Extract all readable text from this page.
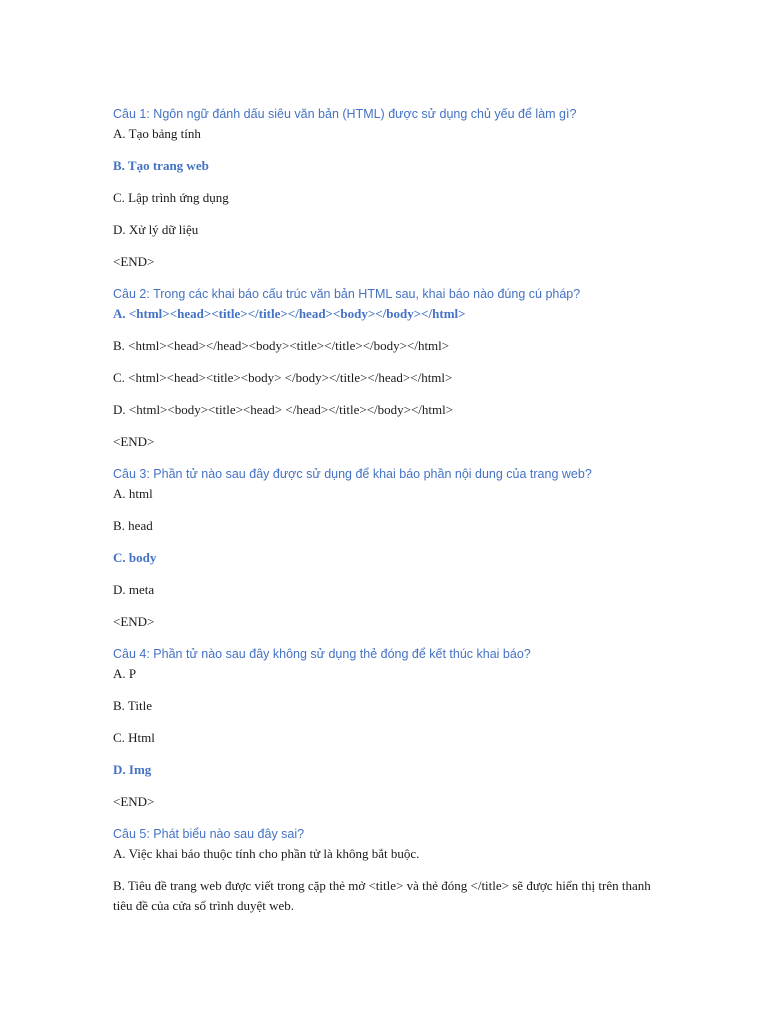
Câu 1: Ngôn ngữ đánh dấu siêu văn bản (HTML) được sử dụng chủ yếu để làm gì?
A. Tạo bảng tính
B. Tạo trang web
C. Lập trình ứng dụng
D. Xử lý dữ liệu
<END>
Câu 2: Trong các khai báo cấu trúc văn bản HTML sau, khai báo nào đúng cú pháp?
A. <html><head><title></title></head><body></body></html>
B. <html><head></head><body><title></title></body></html>
C. <html><head><title><body> </body></title></head></html>
D. <html><body><title><head> </head></title></body></html>
<END>
Câu 3: Phần tử nào sau đây được sử dụng để khai báo phần nội dung của trang web?
A. html
B. head
C. body
D. meta
<END>
Câu 4: Phần tử nào sau đây không sử dụng thẻ đóng để kết thúc khai báo?
A. P
B. Title
C. Html
D. Img
<END>
Câu 5: Phát biểu nào sau đây sai?
A. Việc khai báo thuộc tính cho phần tử là không bắt buộc.
B. Tiêu đề trang web được viết trong cặp thẻ mở <title> và thẻ đóng </title> sẽ được hiển thị trên thanh tiêu đề của cửa sổ trình duyệt web.
